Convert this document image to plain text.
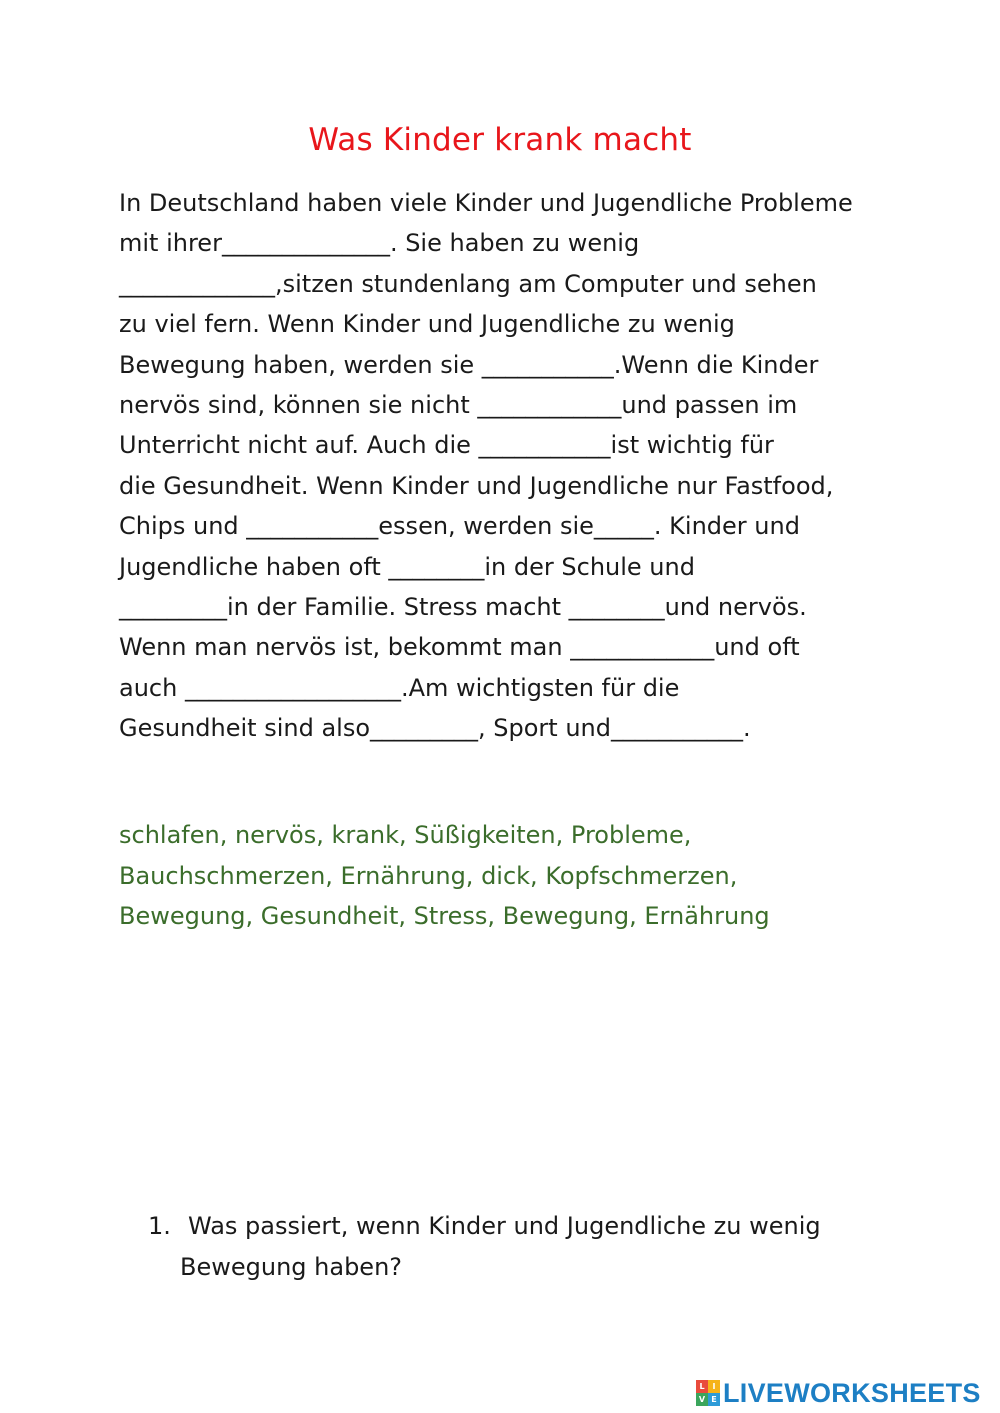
Was Kinder krank macht
In Deutschland haben viele Kinder und Jugendliche Probleme
mit ihrer______________. Sie haben zu wenig
_____________,sitzen stundenlang am Computer und sehen
zu viel fern. Wenn Kinder und Jugendliche zu wenig
Bewegung haben, werden sie ___________.Wenn die Kinder
nervös sind, können sie nicht ____________und passen im
Unterricht nicht auf. Auch die ___________ist wichtig für
die Gesundheit. Wenn Kinder und Jugendliche nur Fastfood,
Chips und ___________essen, werden sie_____. Kinder und
Jugendliche haben oft ________in der Schule und
_________in der Familie. Stress macht ________und nervös.
Wenn man nervös ist, bekommt man ____________und oft
auch __________________.Am wichtigsten für die
Gesundheit sind also_________, Sport und___________.
schlafen, nervös, krank, Süßigkeiten, Probleme,
Bauchschmerzen, Ernährung, dick, Kopfschmerzen,
Bewegung, Gesundheit, Stress, Bewegung, Ernährung
1. Was passiert, wenn Kinder und Jugendliche zu wenig
Bewegung haben?
L I
V E LIVEWORKSHEETS
